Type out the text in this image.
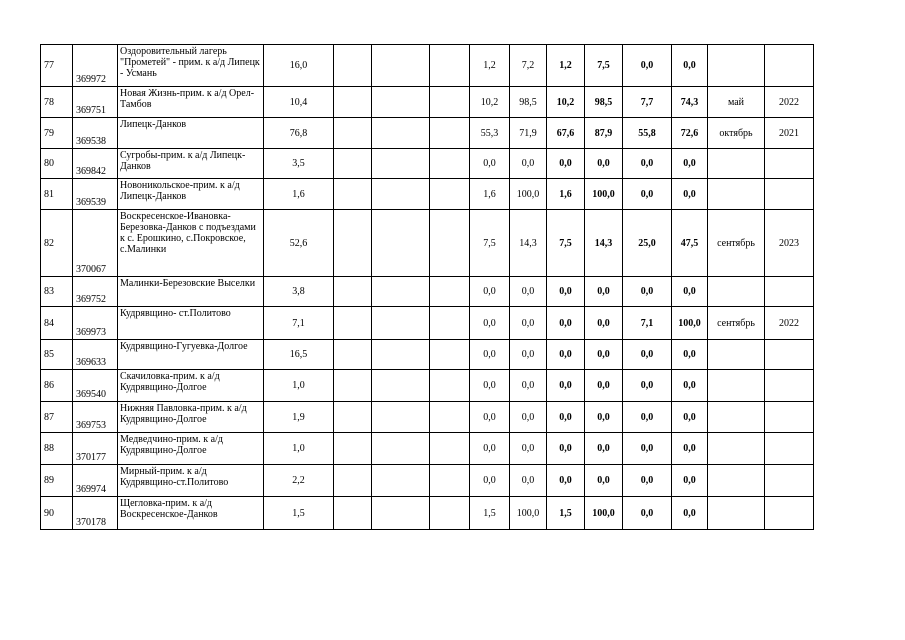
77	369972	Оздоровительный лагерь "Прометей" - прим. к а/д Липецк - Усмань	16,0				1,2	7,2	1,2	7,5	0,0	0,0		
78	369751	Новая Жизнь-прим. к а/д Орел-Тамбов	10,4				10,2	98,5	10,2	98,5	7,7	74,3	май	2022
79	369538	Липецк-Данков	76,8				55,3	71,9	67,6	87,9	55,8	72,6	октябрь	2021
80	369842	Сугробы-прим. к а/д Липецк-Данков	3,5				0,0	0,0	0,0	0,0	0,0	0,0		
81	369539	Новоникольское-прим. к а/д Липецк-Данков	1,6				1,6	100,0	1,6	100,0	0,0	0,0		
82	370067	Воскресенское-Ивановка-Березовка-Данков с подъездами к с. Ерошкино, с.Покровское, с.Малинки	52,6				7,5	14,3	7,5	14,3	25,0	47,5	сентябрь	2023
83	369752	Малинки-Березовские Выселки	3,8				0,0	0,0	0,0	0,0	0,0	0,0		
84	369973	Кудрявщино- ст.Политово	7,1				0,0	0,0	0,0	0,0	7,1	100,0	сентябрь	2022
85	369633	Кудрявщино-Гугуевка-Долгое	16,5				0,0	0,0	0,0	0,0	0,0	0,0		
86	369540	Скачиловка-прим. к а/д Кудрявщино-Долгое	1,0				0,0	0,0	0,0	0,0	0,0	0,0		
87	369753	Нижняя Павловка-прим. к а/д Кудрявщино-Долгое	1,9				0,0	0,0	0,0	0,0	0,0	0,0		
88	370177	Медведчино-прим. к а/д Кудрявщино-Долгое	1,0				0,0	0,0	0,0	0,0	0,0	0,0		
89	369974	Мирный-прим. к а/д Кудрявщино-ст.Политово	2,2				0,0	0,0	0,0	0,0	0,0	0,0		
90	370178	Щегловка-прим. к а/д Воскресенское-Данков	1,5				1,5	100,0	1,5	100,0	0,0	0,0		
